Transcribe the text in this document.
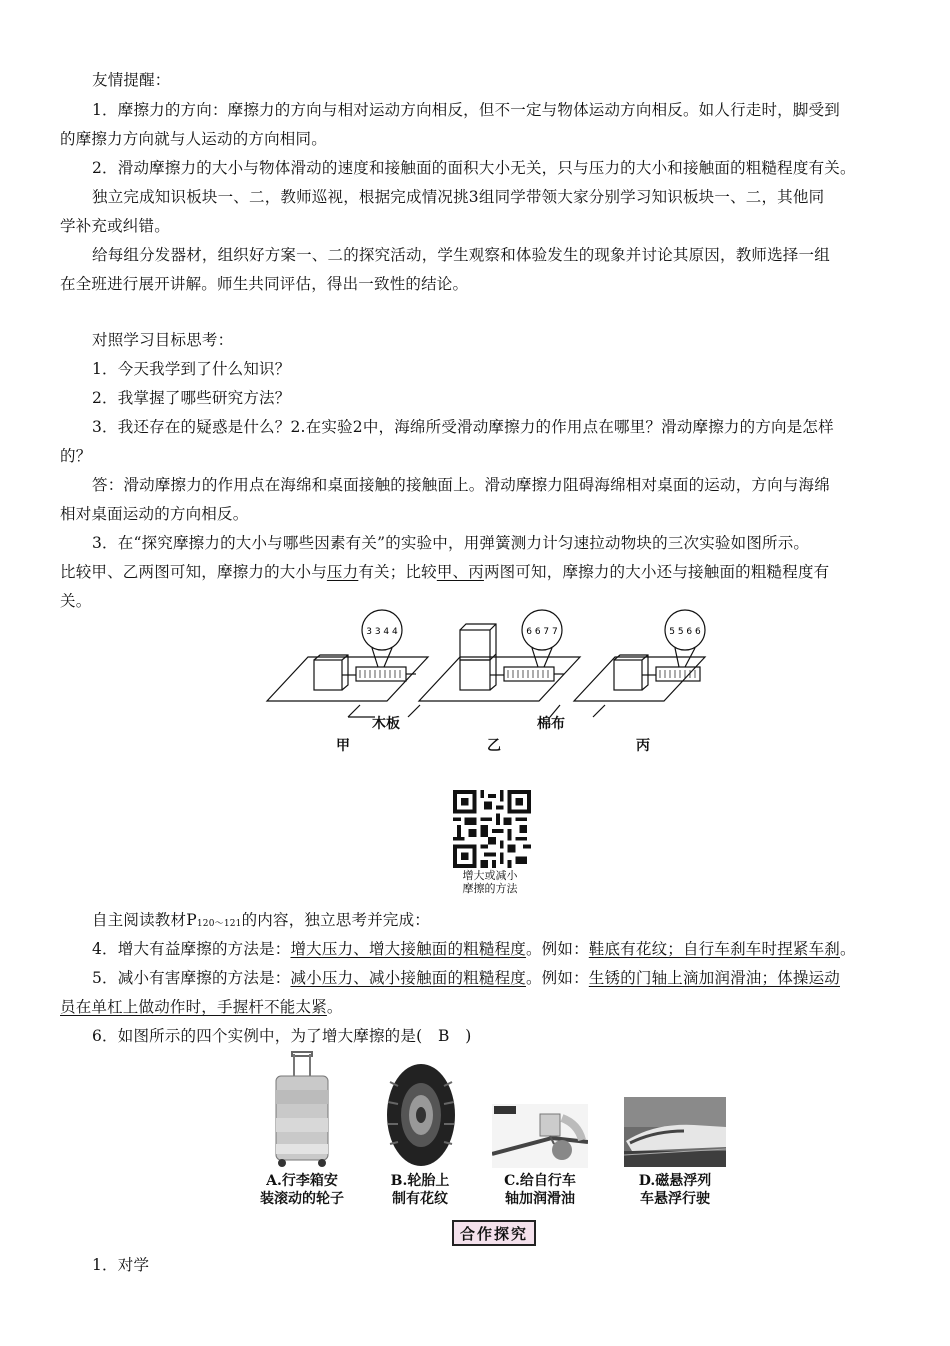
友情提醒：
1．摩擦力的方向：摩擦力的方向与相对运动方向相反，但不一定与物体运动方向相反。如人行走时，脚受到
的摩擦力方向就与人运动的方向相同。
2．滑动摩擦力的大小与物体滑动的速度和接触面的面积大小无关，只与压力的大小和接触面的粗糙程度有关。
独立完成知识板块一、二，教师巡视，根据完成情况挑3组同学带领大家分别学习知识板块一、二，其他同
学补充或纠错。
给每组分发器材，组织好方案一、二的探究活动，学生观察和体验发生的现象并讨论其原因，教师选择一组
在全班进行展开讲解。师生共同评估，得出一致性的结论。
对照学习目标思考：
1．今天我学到了什么知识？
2．我掌握了哪些研究方法？
3．我还存在的疑惑是什么？2.在实验2中，海绵所受滑动摩擦力的作用点在哪里？滑动摩擦力的方向是怎样
的？
答：滑动摩擦力的作用点在海绵和桌面接触的接触面上。滑动摩擦力阻碍海绵相对桌面的运动，方向与海绵
相对桌面运动的方向相反。
3．在“探究摩擦力的大小与哪些因素有关”的实验中，用弹簧测力计匀速拉动物块的三次实验如图所示。
比较甲、乙两图可知，摩擦力的大小与压力有关；比较甲、丙两图可知，摩擦力的大小还与接触面的粗糙程度有
关。
3 3 4 4	6 6 7 7	5 5 6 6
木板	棉布
甲	乙	丙
增大或减小
摩擦的方法
自主阅读教材$P_{120\sim 121}$的内容，独立思考并完成：
4．增大有益摩擦的方法是：增大压力、增大接触面的粗糙程度。例如：鞋底有花纹；自行车刹车时捏紧车刹。
5．减小有害摩擦的方法是：减小压力、减小接触面的粗糙程度。例如：生锈的门轴上滴加润滑油；体操运动
员在单杠上做动作时，手握杆不能太紧。
6．如图所示的四个实例中，为了增大摩擦的是(　B　)
A.行李箱安
装滚动的轮子
B.轮胎上
制有花纹
C.给自行车
轴加润滑油
D.磁悬浮列
车悬浮行驶
合作探究
1．对学
